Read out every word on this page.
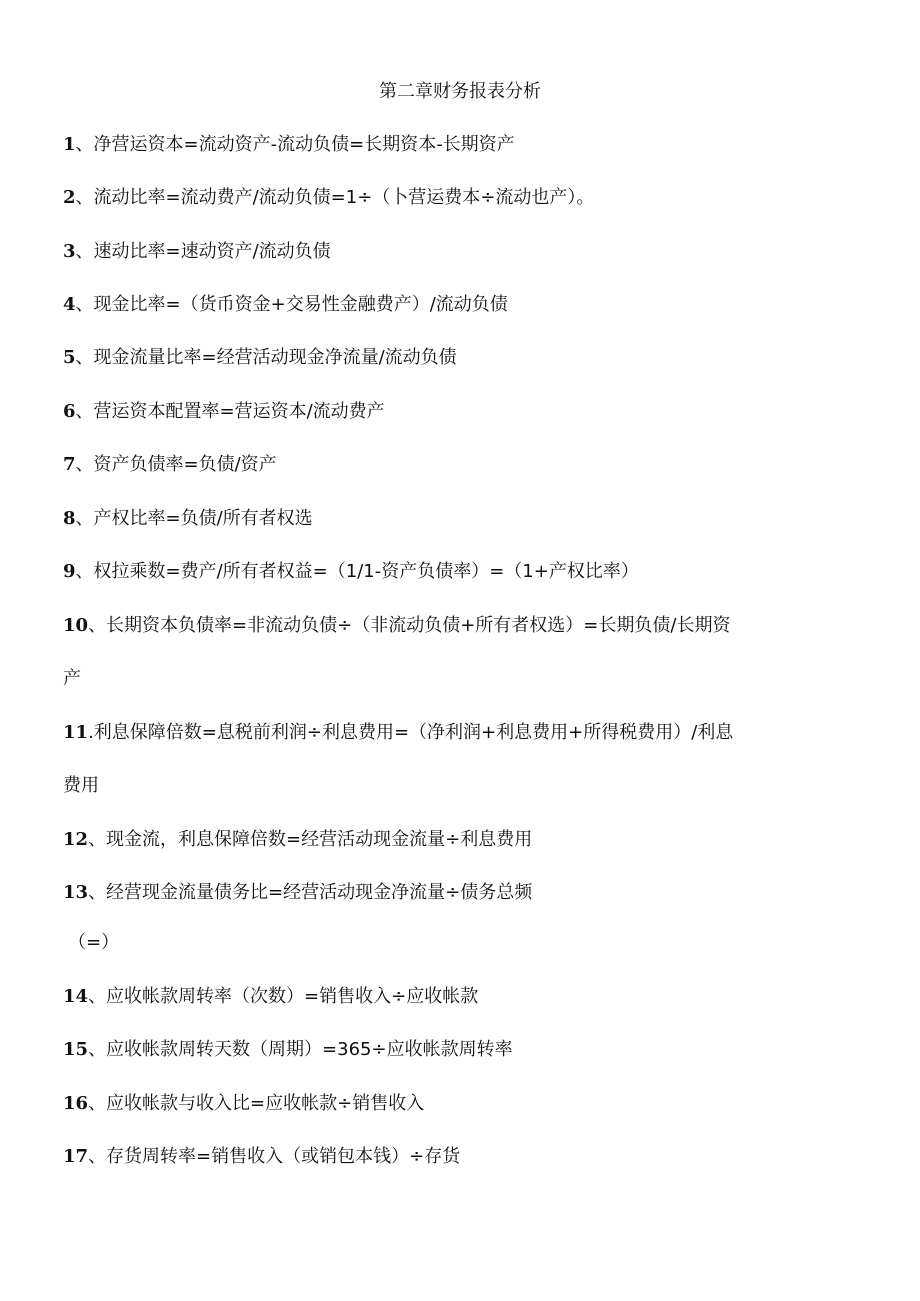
第二章财务报表分析
1、净营运资本=流动资产-流动负债=长期资本-长期资产
2、流动比率=流动费产/流动负债=1÷（卜营运费本÷流动也产）。
3、速动比率=速动资产/流动负债
4、现金比率=（货币资金+交易性金融费产）/流动负债
5、现金流量比率=经营活动现金净流量/流动负债
6、营运资本配置率=营运资本/流动费产
7、资产负债率=负债/资产
8、产权比率=负债/所有者权选
9、权拉乘数=费产/所有者权益=（1/1-资产负债率）=（1+产权比率）
10、长期资本负债率=非流动负债÷（非流动负债+所有者权选）=长期负债/长期资
产
11.利息保障倍数=息税前利润÷利息费用=（净利润+利息费用+所得税费用）/利息
费用
12、现金流，利息保障倍数=经营活动现金流量÷利息费用
13、经营现金流量债务比=经营活动现金净流量÷债务总频
（=）
14、应收帐款周转率（次数）=销售收入÷应收帐款
15、应收帐款周转天数（周期）=365÷应收帐款周转率
16、应收帐款与收入比=应收帐款÷销售收入
17、存货周转率=销售收入（或销包本钱）÷存货
